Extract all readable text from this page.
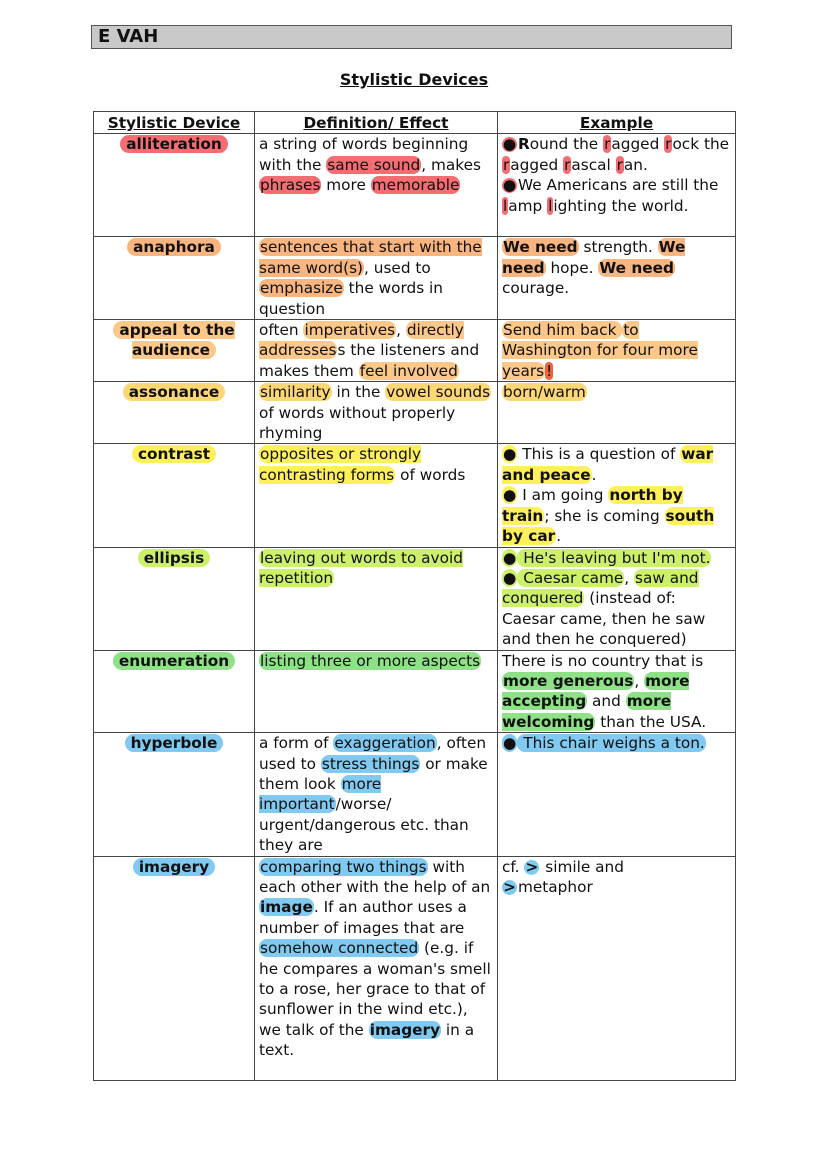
E VAH
Stylistic Devices
Stylistic Device	Definition/ Effect	Example
alliteration	a string of words beginning with the same sound, makes phrases more memorable	● Round the ragged rock the ragged rascal ran.
● We Americans are still the lamp lighting the world.
anaphora	sentences that start with the same word(s), used to emphasize the words in question	We need strength. We need hope. We need courage.
appeal to the audience	often imperatives, directly addressess the listeners and makes them feel involved	Send him back to Washington for four more years !
assonance	similarity in the vowel sounds of words without properly rhyming	born/warm
contrast	opposites or strongly contrasting forms of words	● This is a question of war and peace.
● I am going north by train; she is coming south by car.
ellipsis	leaving out words to avoid repetition	● He's leaving but I'm not.
● Caesar came, saw and conquered (instead of: Caesar came, then he saw and then he conquered)
enumeration	listing three or more aspects	There is no country that is more generous, more accepting and more welcoming than the USA.
hyperbole	a form of exaggeration, often used to stress things or make them look more important/worse/ urgent/dangerous etc. than they are	● This chair weighs a ton.
imagery	comparing two things with each other with the help of an image. If an author uses a number of images that are somehow connected (e.g. if he compares a woman's smell to a rose, her grace to that of sunflower in the wind etc.), we talk of the imagery in a text.	cf. > simile and
> metaphor
